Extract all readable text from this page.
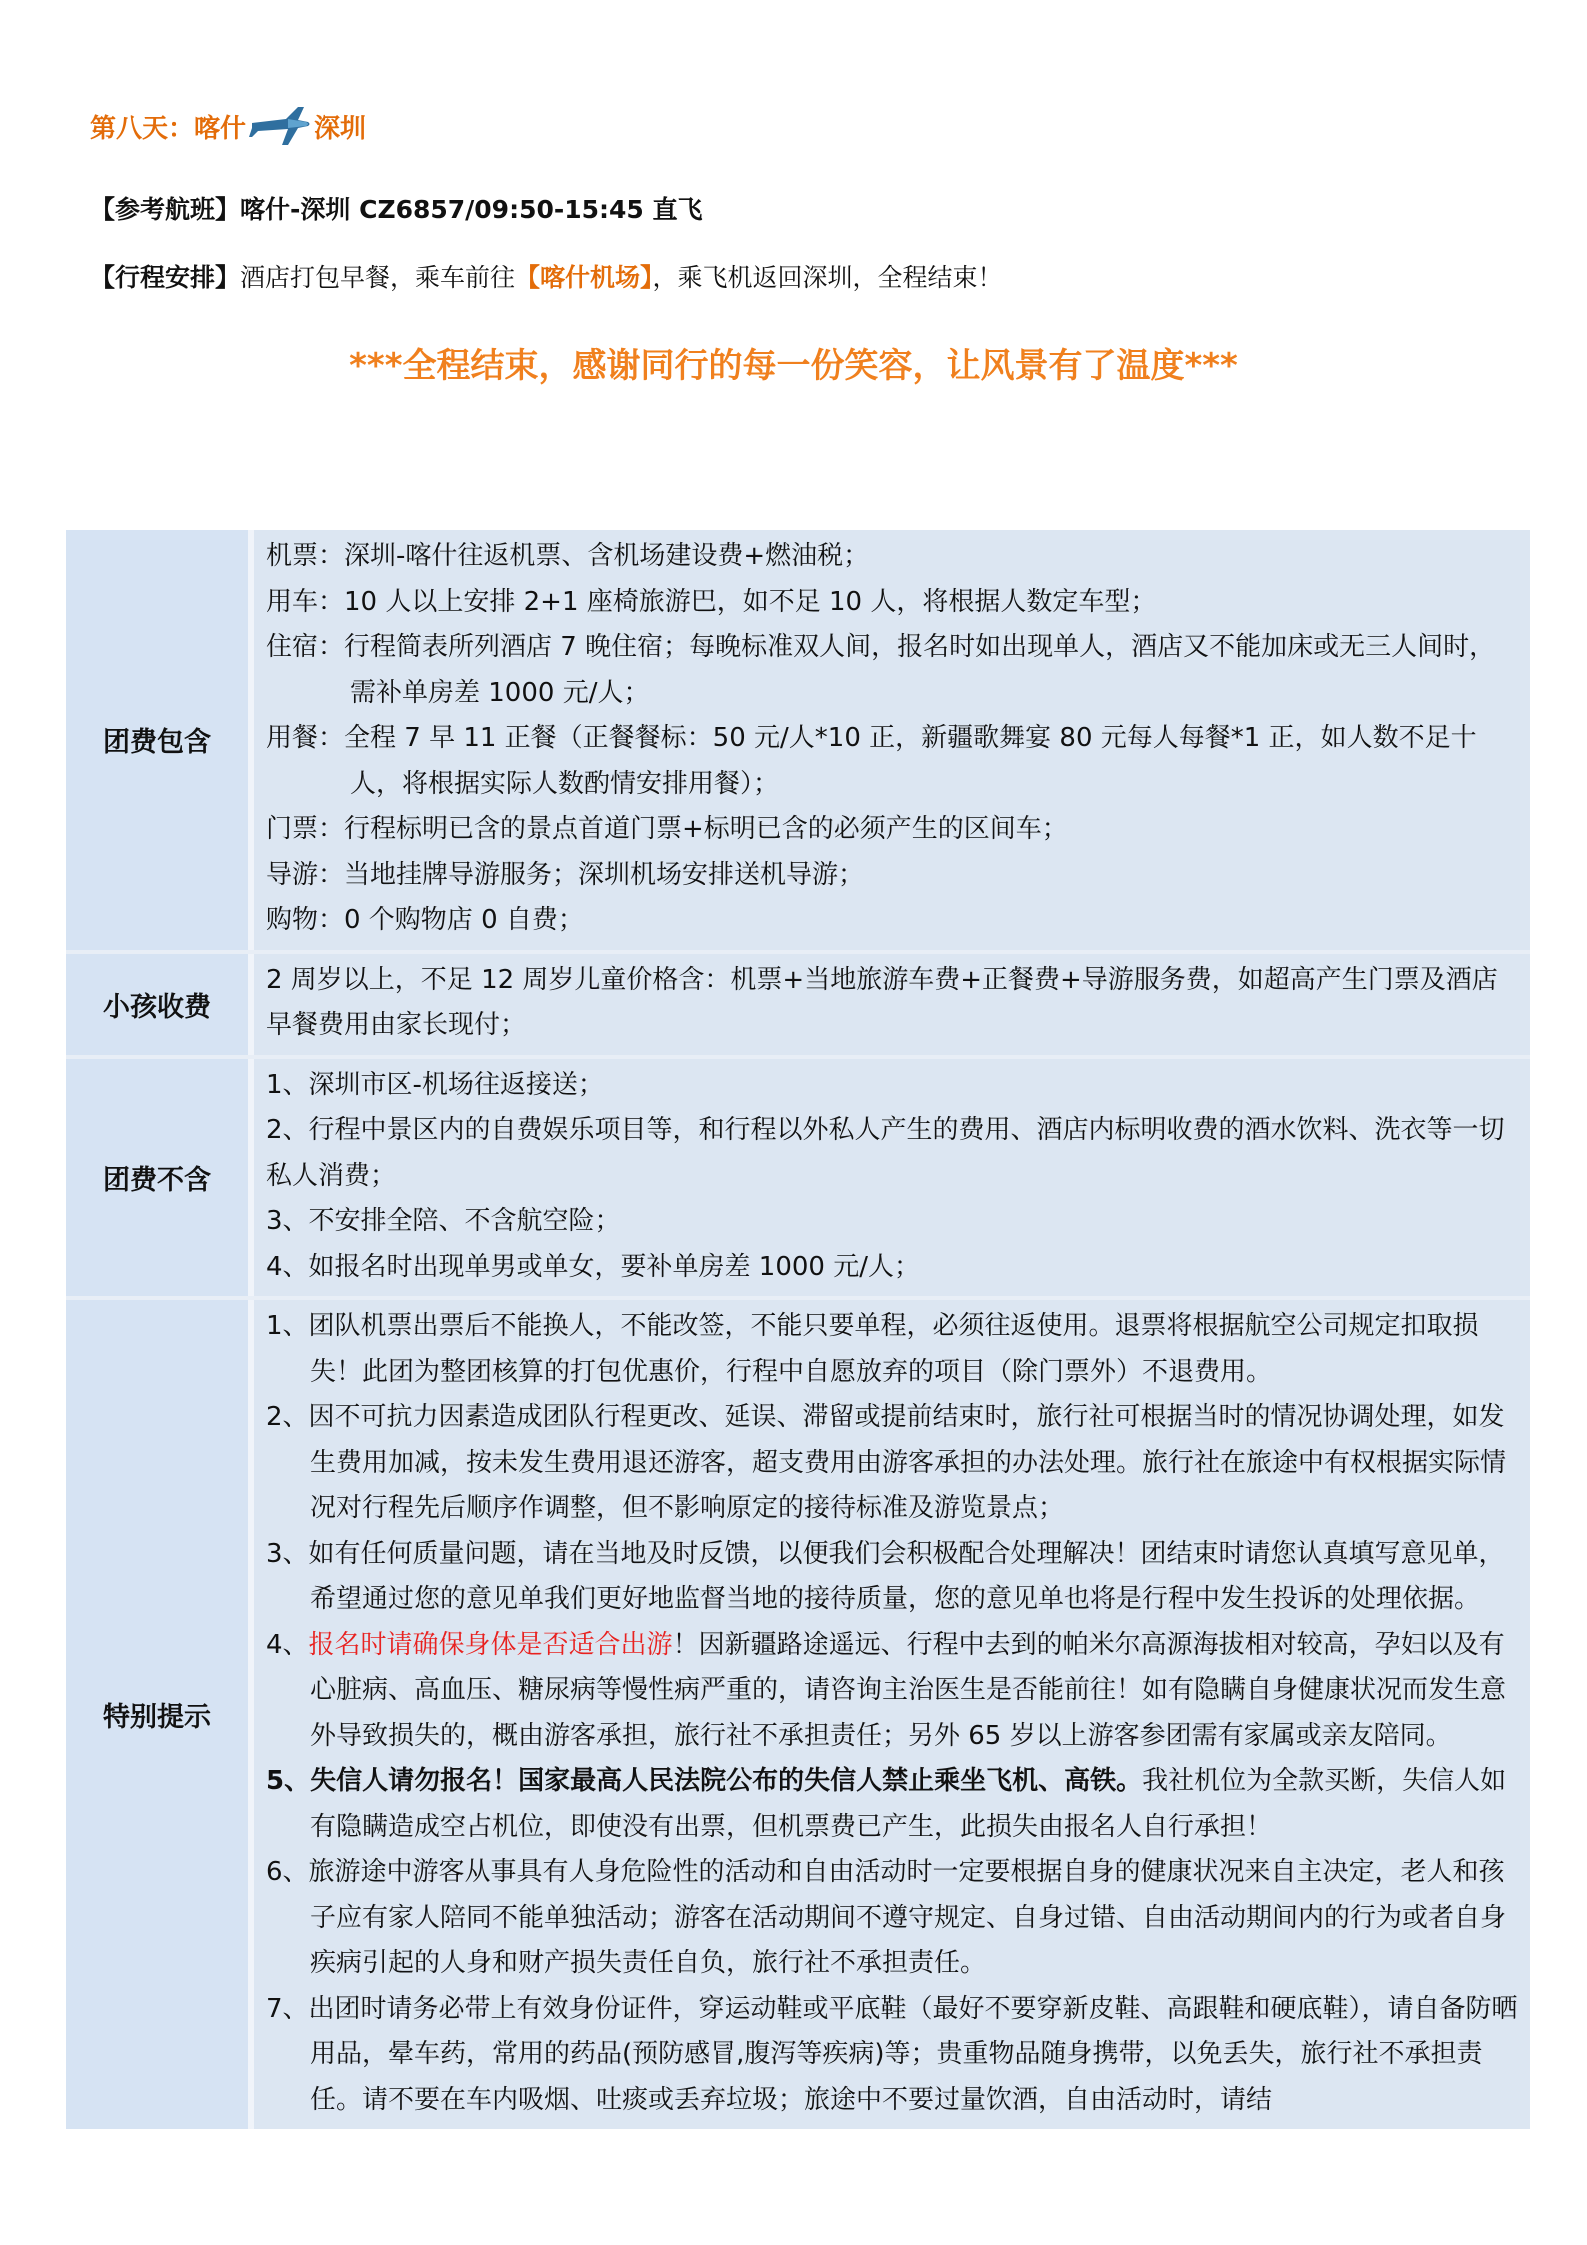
第八天：喀什	深圳
【参考航班】喀什-深圳 CZ6857/09:50-15:45 直飞
【行程安排】酒店打包早餐，乘车前往【喀什机场】，乘飞机返回深圳，全程结束！
***全程结束，感谢同行的每一份笑容，让风景有了温度***
团费包含
机票：深圳-喀什往返机票、含机场建设费+燃油税；
用车：10 人以上安排 2+1 座椅旅游巴，如不足 10 人，将根据人数定车型；
住宿：行程简表所列酒店 7 晚住宿；每晚标准双人间，报名时如出现单人，酒店又不能加床或无三人间时，需补单房差 1000 元/人；
用餐：全程 7 早 11 正餐（正餐餐标：50 元/人*10 正，新疆歌舞宴 80 元每人每餐*1 正，如人数不足十人，将根据实际人数酌情安排用餐）；
门票：行程标明已含的景点首道门票+标明已含的必须产生的区间车；
导游：当地挂牌导游服务；深圳机场安排送机导游；
购物：0 个购物店 0 自费；
小孩收费
2 周岁以上，不足 12 周岁儿童价格含：机票+当地旅游车费+正餐费+导游服务费，如超高产生门票及酒店早餐费用由家长现付；
团费不含
1、深圳市区-机场往返接送；
2、行程中景区内的自费娱乐项目等，和行程以外私人产生的费用、酒店内标明收费的酒水饮料、洗衣等一切私人消费；
3、不安排全陪、不含航空险；
4、如报名时出现单男或单女，要补单房差 1000 元/人；
特别提示
1、团队机票出票后不能换人，不能改签，不能只要单程，必须往返使用。退票将根据航空公司规定扣取损失！此团为整团核算的打包优惠价，行程中自愿放弃的项目（除门票外）不退费用。
2、因不可抗力因素造成团队行程更改、延误、滞留或提前结束时，旅行社可根据当时的情况协调处理，如发生费用加减，按未发生费用退还游客，超支费用由游客承担的办法处理。旅行社在旅途中有权根据实际情况对行程先后顺序作调整，但不影响原定的接待标准及游览景点；
3、如有任何质量问题，请在当地及时反馈，以便我们会积极配合处理解决！团结束时请您认真填写意见单，希望通过您的意见单我们更好地监督当地的接待质量，您的意见单也将是行程中发生投诉的处理依据。
4、报名时请确保身体是否适合出游！因新疆路途遥远、行程中去到的帕米尔高源海拔相对较高，孕妇以及有心脏病、高血压、糖尿病等慢性病严重的，请咨询主治医生是否能前往！如有隐瞒自身健康状况而发生意外导致损失的，概由游客承担，旅行社不承担责任；另外 65 岁以上游客参团需有家属或亲友陪同。
5、失信人请勿报名！国家最高人民法院公布的失信人禁止乘坐飞机、高铁。我社机位为全款买断，失信人如有隐瞒造成空占机位，即使没有出票，但机票费已产生，此损失由报名人自行承担！
6、旅游途中游客从事具有人身危险性的活动和自由活动时一定要根据自身的健康状况来自主决定，老人和孩子应有家人陪同不能单独活动；游客在活动期间不遵守规定、自身过错、自由活动期间内的行为或者自身疾病引起的人身和财产损失责任自负，旅行社不承担责任。
7、出团时请务必带上有效身份证件，穿运动鞋或平底鞋（最好不要穿新皮鞋、高跟鞋和硬底鞋），请自备防晒用品，晕车药，常用的药品(预防感冒,腹泻等疾病)等；贵重物品随身携带，以免丢失，旅行社不承担责任。请不要在车内吸烟、吐痰或丢弃垃圾；旅途中不要过量饮酒，自由活动时，请结
